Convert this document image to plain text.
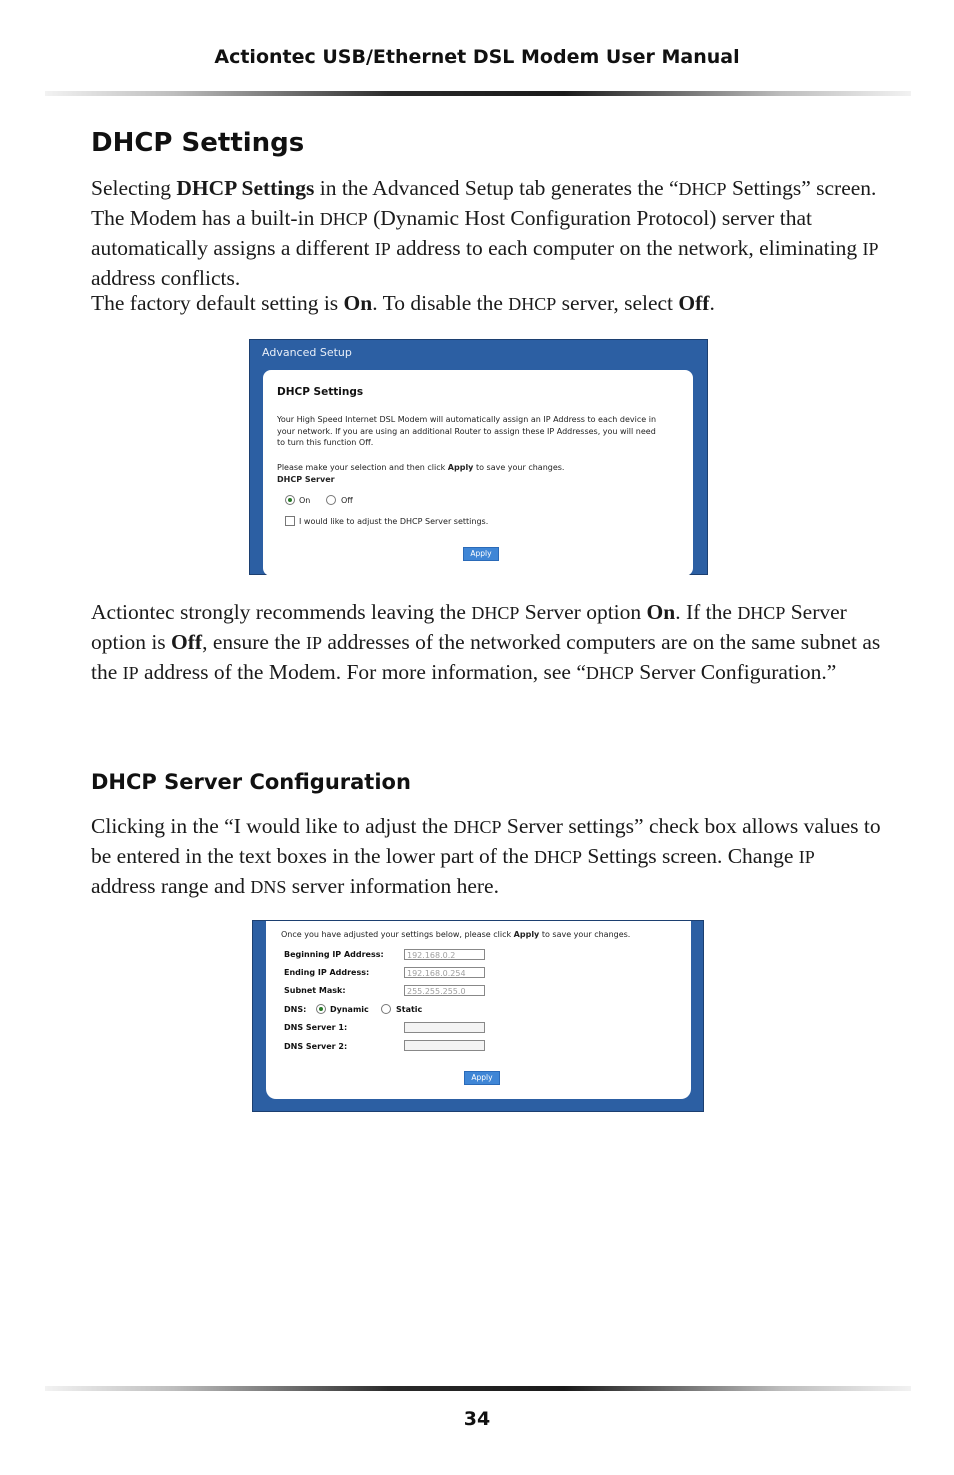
Actiontec USB/Ethernet DSL Modem User Manual
DHCP Settings

Selecting DHCP Settings in the Advanced Setup tab generates the “DHCP Settings” screen. The Modem has a built-in DHCP (Dynamic Host Configuration Protocol) server that automatically assigns a different IP address to each computer on the network, eliminating IP address conflicts.

The factory default setting is On. To disable the DHCP server, select Off.

Advanced Setup
DHCP Settings
Your High Speed Internet DSL Modem will automatically assign an IP Address to each device in
your network. If you are using an additional Router to assign these IP Addresses, you will need
to turn this function Off.
Please make your selection and then click Apply to save your changes.
DHCP Server
On	Off
I would like to adjust the DHCP Server settings.
Apply

Actiontec strongly recommends leaving the DHCP Server option On. If the DHCP Server option is Off, ensure the IP addresses of the networked computers are on the same subnet as the IP address of the Modem. For more information, see “DHCP Server Configuration.”

DHCP Server Configuration

Clicking in the “I would like to adjust the DHCP Server settings” check box allows values to be entered in the text boxes in the lower part of the DHCP Settings screen. Change IP address range and DNS server information here.

Once you have adjusted your settings below, please click Apply to save your changes.
Beginning IP Address:	192.168.0.2
Ending IP Address:	192.168.0.254
Subnet Mask:	255.255.255.0
DNS:	Dynamic	Static
DNS Server 1:
DNS Server 2:
Apply
34
